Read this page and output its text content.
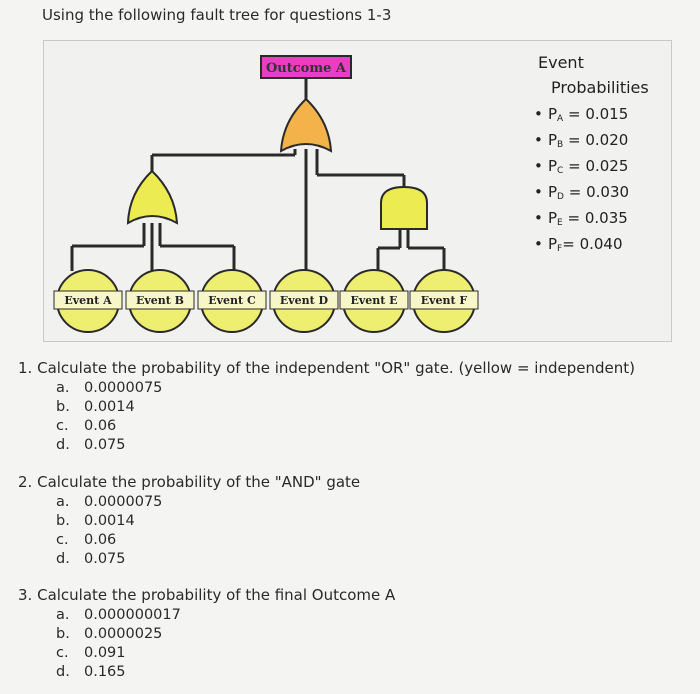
Using the following fault tree for questions 1-3
Outcome A
Event A Event B Event C Event D Event E Event F
Event
Probabilities
• $P_A = 0.015$
• $P_B = 0.020$
• $P_C = 0.025$
• $P_D = 0.030$
• $P_E = 0.035$
• $P_F= 0.040$
1. Calculate the probability of the independent "OR" gate. (yellow = independent)
a. 0.0000075
b. 0.0014
c. 0.06
d. 0.075
2. Calculate the probability of the "AND" gate
a. 0.0000075
b. 0.0014
c. 0.06
d. 0.075
3. Calculate the probability of the final Outcome A
a. 0.000000017
b. 0.0000025
c. 0.091
d. 0.165
